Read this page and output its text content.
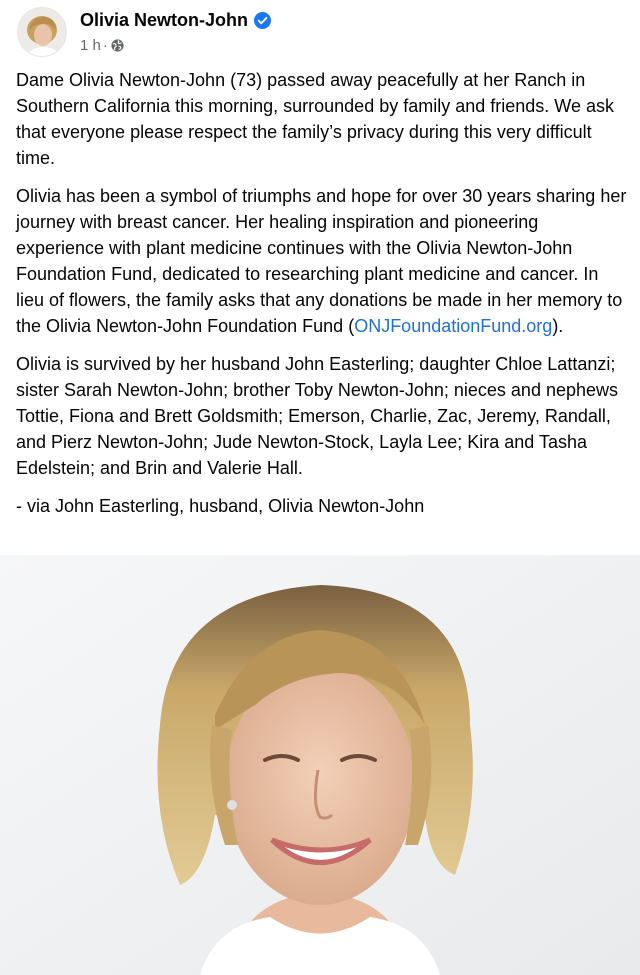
Olivia Newton-John
1 h ·

Dame Olivia Newton-John (73) passed away peacefully at her Ranch in Southern California this morning, surrounded by family and friends. We ask that everyone please respect the family’s privacy during this very difficult time.

Olivia has been a symbol of triumphs and hope for over 30 years sharing her journey with breast cancer. Her healing inspiration and pioneering experience with plant medicine continues with the Olivia Newton-John Foundation Fund, dedicated to researching plant medicine and cancer. In lieu of flowers, the family asks that any donations be made in her memory to the Olivia Newton-John Foundation Fund (ONJFoundationFund.org).

Olivia is survived by her husband John Easterling; daughter Chloe Lattanzi; sister Sarah Newton-John; brother Toby Newton-John; nieces and nephews Tottie, Fiona and Brett Goldsmith; Emerson, Charlie, Zac, Jeremy, Randall, and Pierz Newton-John; Jude Newton-Stock, Layla Lee; Kira and Tasha Edelstein; and Brin and Valerie Hall.

- via John Easterling, husband, Olivia Newton-John
